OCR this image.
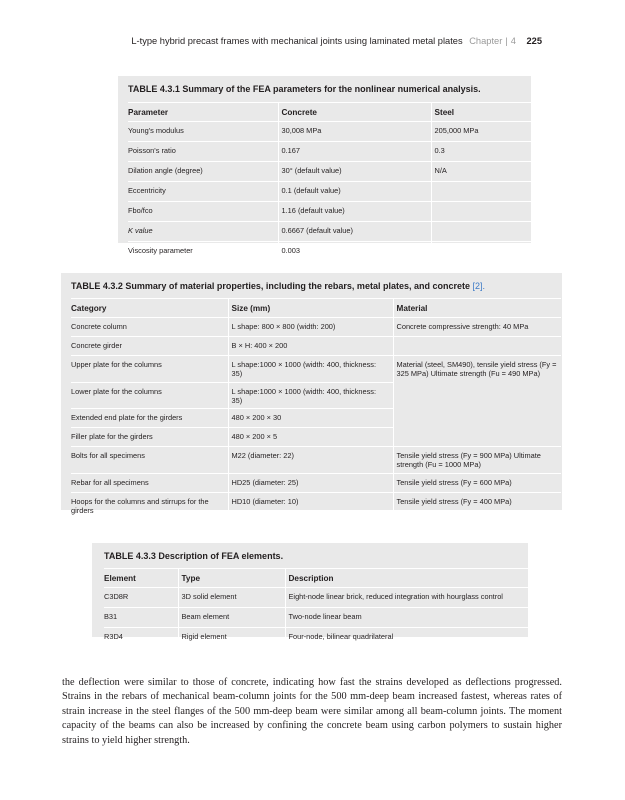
L-type hybrid precast frames with mechanical joints using laminated metal plates Chapter | 4 225

TABLE 4.3.1 Summary of the FEA parameters for the nonlinear numerical analysis.

Parameter	Concrete	Steel
Young's modulus	30,008 MPa	205,000 MPa
Poisson's ratio	0.167	0.3
Dilation angle (degree)	30° (default value)	N/A
Eccentricity	0.1 (default value)	
Fbo/fco	1.16 (default value)	
K value	0.6667 (default value)	
Viscosity parameter	0.003	

TABLE 4.3.2 Summary of material properties, including the rebars, metal plates, and concrete [2].

Category	Size (mm)	Material
Concrete column	L shape: 800 × 800 (width: 200)	Concrete compressive strength: 40 MPa
Concrete girder	B × H: 400 × 200	
Upper plate for the columns	L shape:1000 × 1000 (width: 400, thickness: 35)	Material (steel, SM490), tensile yield stress (Fy = 325 MPa) Ultimate strength (Fu = 490 MPa)
Lower plate for the columns	L shape:1000 × 1000 (width: 400, thickness: 35)	
Extended end plate for the girders	480 × 200 × 30	
Filler plate for the girders	480 × 200 × 5	
Bolts for all specimens	M22 (diameter: 22)	Tensile yield stress (Fy = 900 MPa) Ultimate strength (Fu = 1000 MPa)
Rebar for all specimens	HD25 (diameter: 25)	Tensile yield stress (Fy = 600 MPa)
Hoops for the columns and stirrups for the girders	HD10 (diameter: 10)	Tensile yield stress (Fy = 400 MPa)

TABLE 4.3.3 Description of FEA elements.

Element	Type	Description
C3D8R	3D solid element	Eight-node linear brick, reduced integration with hourglass control
B31	Beam element	Two-node linear beam
R3D4	Rigid element	Four-node, bilinear quadrilateral

the deflection were similar to those of concrete, indicating how fast the strains developed as deflections progressed. Strains in the rebars of mechanical beam-column joints for the 500 mm-deep beam increased fastest, whereas rates of strain increase in the steel flanges of the 500 mm-deep beam were similar among all beam-column joints. The moment capacity of the beams can also be increased by confining the concrete beam using carbon polymers to sustain higher strains to yield higher strength.
